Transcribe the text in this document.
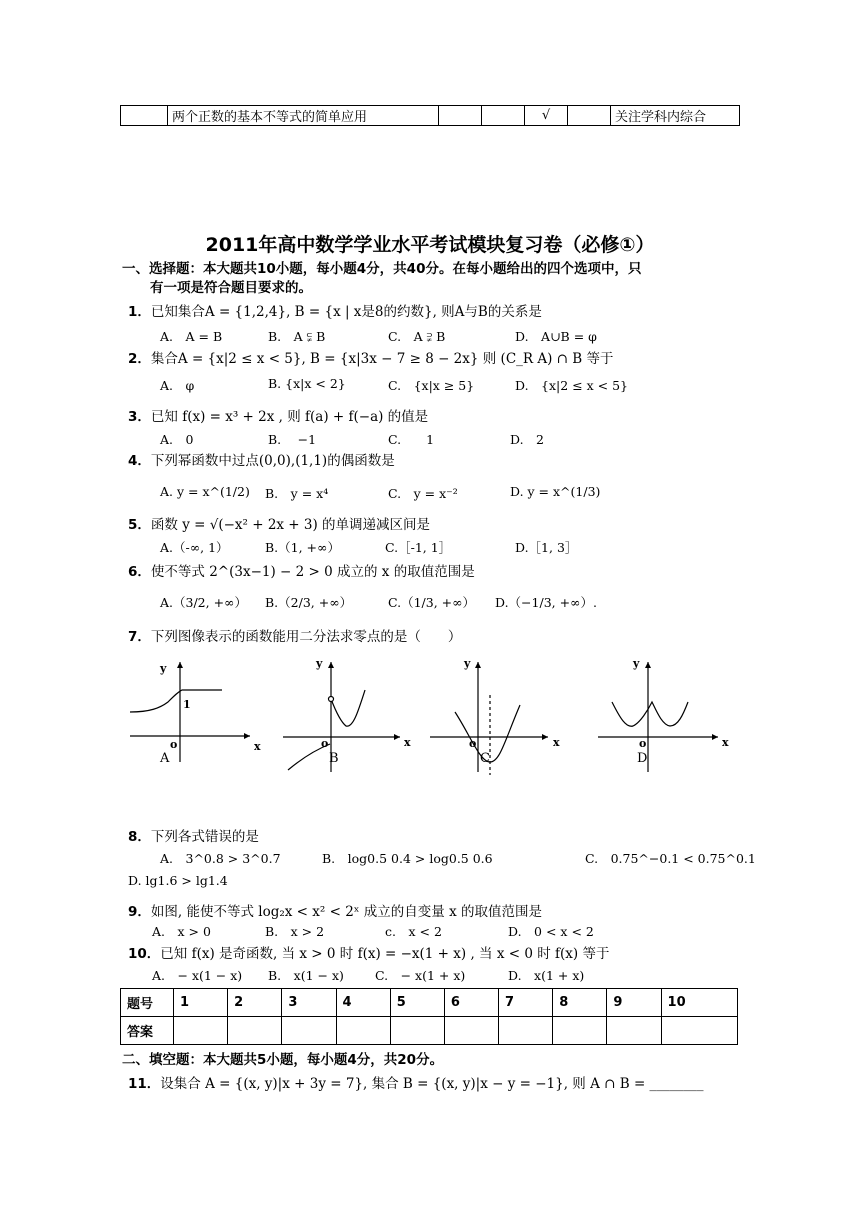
	两个正数的基本不等式的简单应用			√		关注学科内综合
2011年高中数学学业水平考试模块复习卷（必修①）
一、选择题：本大题共10小题，每小题4分，共40分。在每小题给出的四个选项中，只
有一项是符合题目要求的。
1．已知集合A = {1,2,4}, B = {x | x是8的约数}, 则A与B的关系是
A.　A = B	B.　A ⫋ B	C.　A ⫌ B	D.　A∪B = φ
2．集合A = {x|2 ≤ x < 5}, B = {x|3x − 7 ≥ 8 − 2x} 则 (C_R A) ∩ B 等于
A.　φ	B. {x|x < 2}	C.　{x|x ≥ 5}	D.　{x|2 ≤ x < 5}
3．已知 f(x) = x³ + 2x , 则 f(a) + f(−a) 的值是
A.　0	B.　 −1	C.　　1	D.　2
4．下列幂函数中过点(0,0),(1,1)的偶函数是
A. y = x^(1/2) B.　y = x⁴	C.　y = x⁻²	D. y = x^(1/3)
5．函数 y = √(−x² + 2x + 3) 的单调递减区间是
A.（-∞, 1）	B.（1, +∞）	C.［-1, 1］	D.［1, 3］
6．使不等式 2^(3x−1) − 2 > 0 成立的 x 的取值范围是
A.（3/2, +∞） B.（2/3, +∞）	C.（1/3, +∞） D.（−1/3, +∞）.
7．下列图像表示的函数能用二分法求零点的是（　　）
y
x
o
1
A
y
x
o
B
y
x
o
C
y
x
o
D
8．下列各式错误的是
A.　3^0.8 > 3^0.7	B.　log0.5 0.4 > log0.5 0.6	C.　0.75^−0.1 < 0.75^0.1
D. lg1.6 > lg1.4
9．如图, 能使不等式 log₂x < x² < 2ˣ 成立的自变量 x 的取值范围是
A.　x > 0	B.　x > 2	c.　x < 2	D.　0 < x < 2
10．已知 f(x) 是奇函数, 当 x > 0 时 f(x) = −x(1 + x) , 当 x < 0 时 f(x) 等于
A.　− x(1 − x) B.　x(1 − x) C.　− x(1 + x)	D.　x(1 + x)
题号	1	2	3	4	5	6	7	8	9	10
答案										
二、填空题：本大题共5小题，每小题4分，共20分。
11．设集合 A = {(x, y)|x + 3y = 7}, 集合 B = {(x, y)|x − y = −1}, 则 A ∩ B = ________
